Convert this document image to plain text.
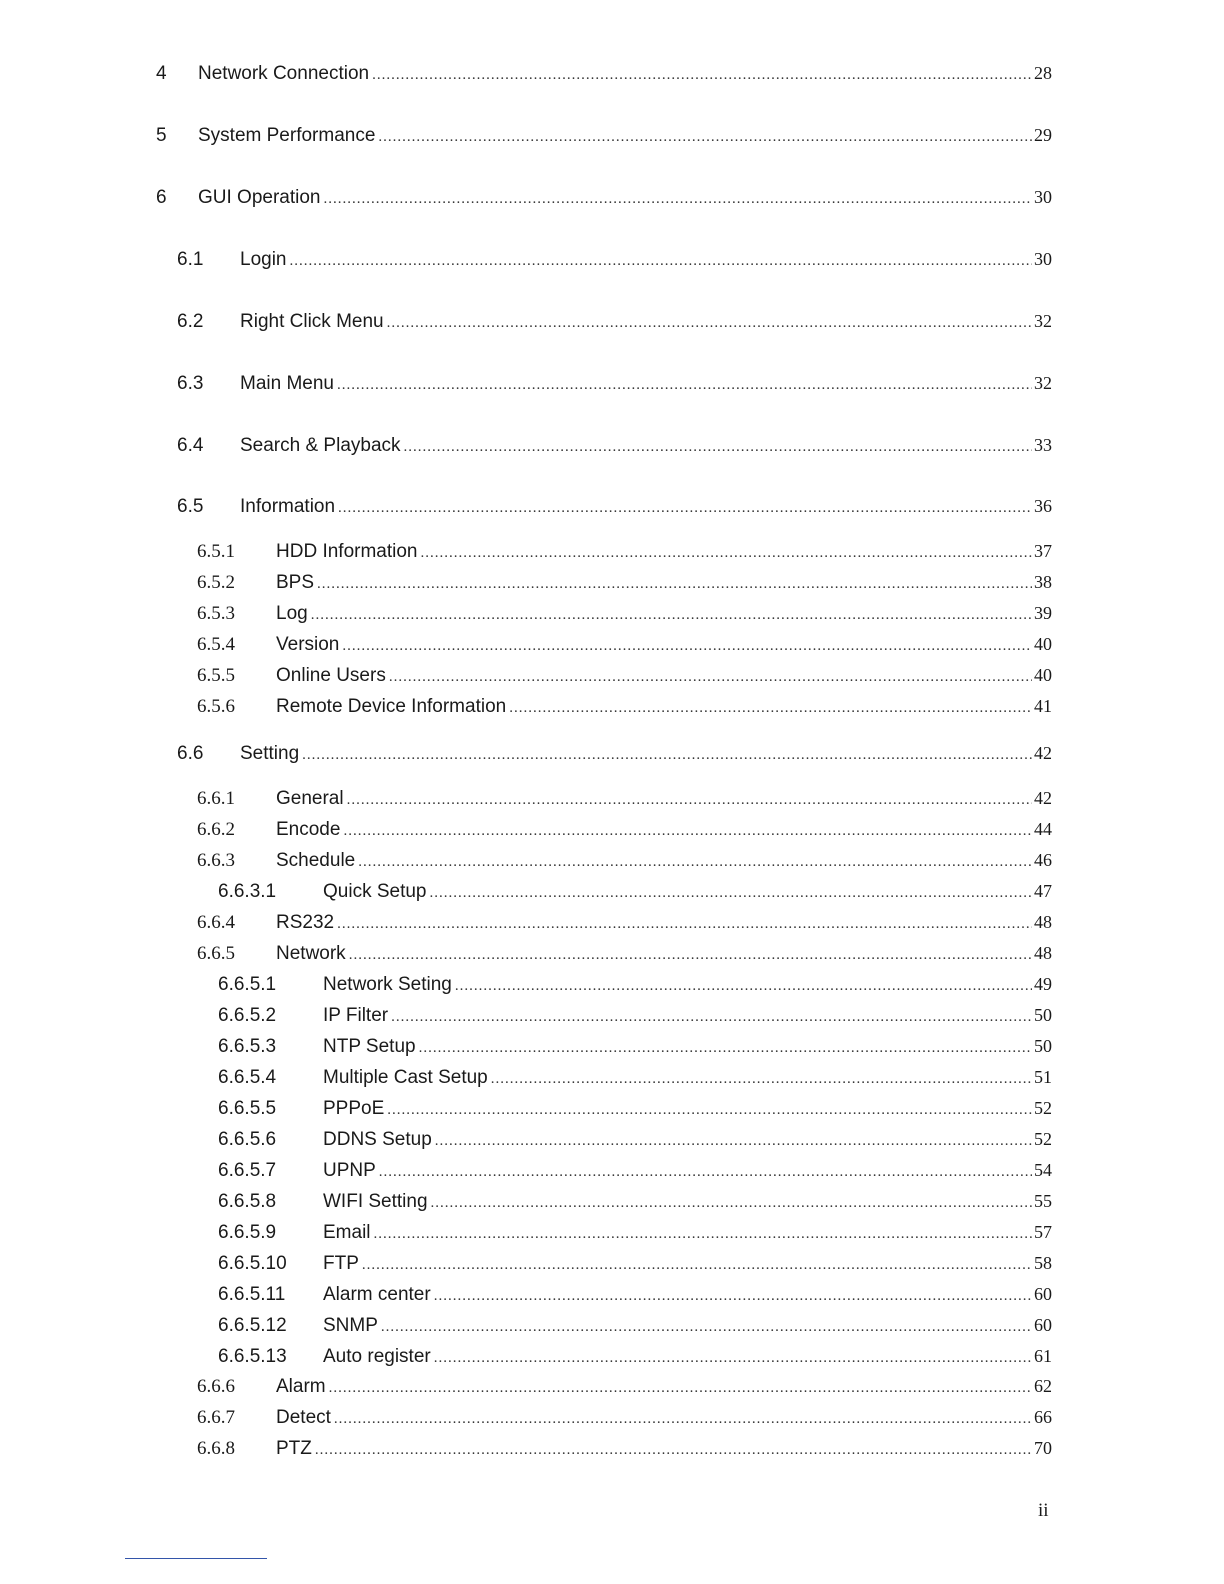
4	Network Connection .....	28
5	System Performance .....	29
6	GUI Operation .....	30
6.1	Login .....	30
6.2	Right Click Menu .....	32
6.3	Main Menu .....	32
6.4	Search & Playback .....	33
6.5	Information .....	36
6.5.1	HDD Information .....	37
6.5.2	BPS .....	38
6.5.3	Log .....	39
6.5.4	Version .....	40
6.5.5	Online Users .....	40
6.5.6	Remote Device Information .....	41
6.6	Setting .....	42
6.6.1	General .....	42
6.6.2	Encode .....	44
6.6.3	Schedule .....	46
6.6.3.1	Quick Setup .....	47
6.6.4	RS232 .....	48
6.6.5	Network .....	48
6.6.5.1	Network Seting .....	49
6.6.5.2	IP Filter .....	50
6.6.5.3	NTP Setup .....	50
6.6.5.4	Multiple Cast Setup .....	51
6.6.5.5	PPPoE .....	52
6.6.5.6	DDNS Setup .....	52
6.6.5.7	UPNP .....	54
6.6.5.8	WIFI Setting .....	55
6.6.5.9	Email .....	57
6.6.5.10	FTP .....	58
6.6.5.11	Alarm center .....	60
6.6.5.12	SNMP .....	60
6.6.5.13	Auto register .....	61
6.6.6	Alarm .....	62
6.6.7	Detect .....	66
6.6.8	PTZ .....	70
ii
